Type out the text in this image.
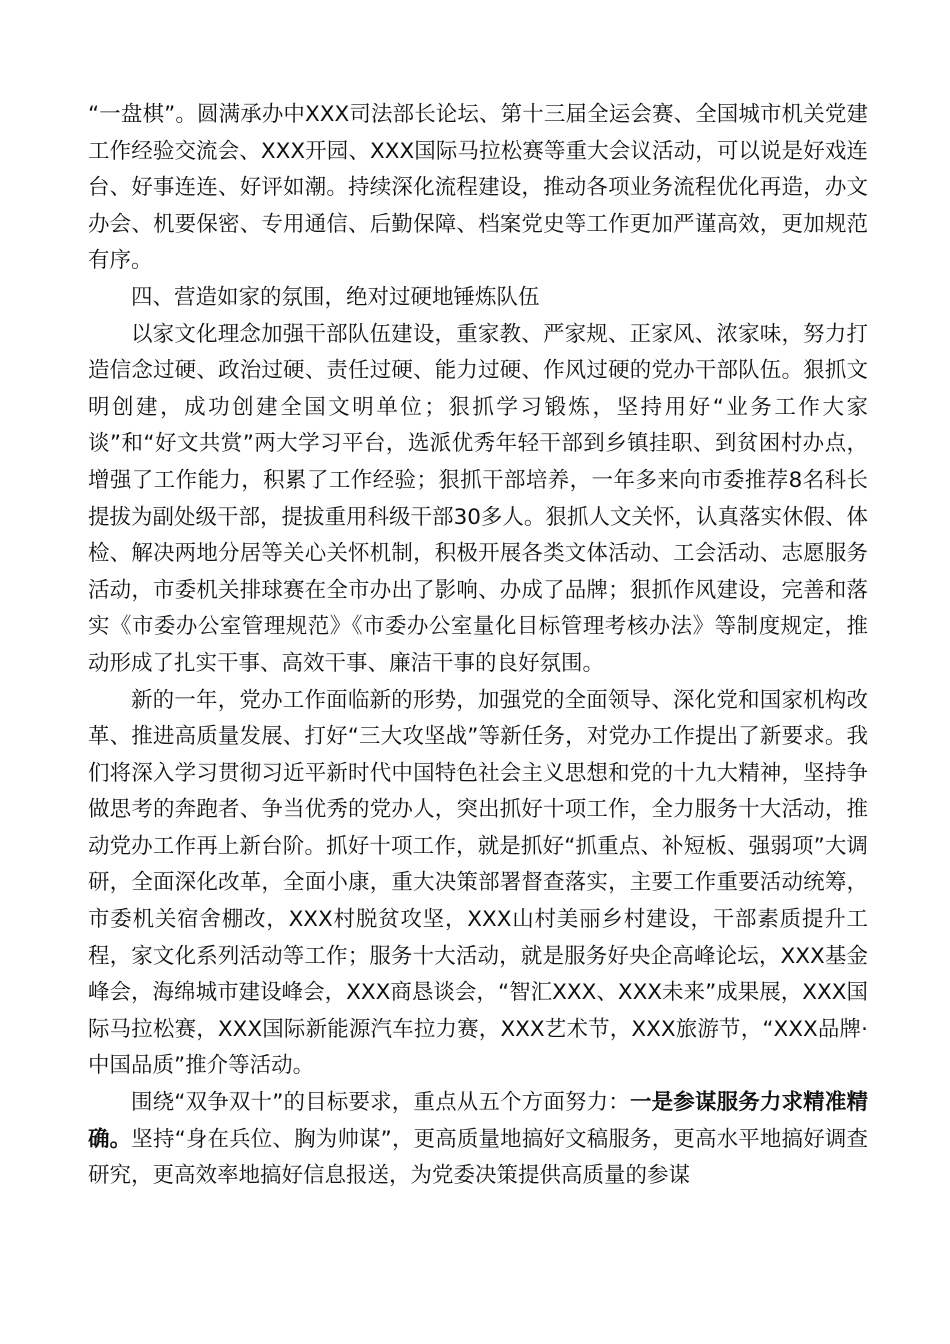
“一盘棋”。圆满承办中XXX司法部长论坛、第十三届全运会赛、全国城市机关党建工作经验交流会、XXX开园、XXX国际马拉松赛等重大会议活动，可以说是好戏连台、好事连连、好评如潮。持续深化流程建设，推动各项业务流程优化再造，办文办会、机要保密、专用通信、后勤保障、档案党史等工作更加严谨高效，更加规范有序。

四、营造如家的氛围，绝对过硬地锤炼队伍

以家文化理念加强干部队伍建设，重家教、严家规、正家风、浓家味，努力打造信念过硬、政治过硬、责任过硬、能力过硬、作风过硬的党办干部队伍。狠抓文明创建，成功创建全国文明单位；狠抓学习锻炼，坚持用好“业务工作大家谈”和“好文共赏”两大学习平台，选派优秀年轻干部到乡镇挂职、到贫困村办点，增强了工作能力，积累了工作经验；狠抓干部培养，一年多来向市委推荐8名科长提拔为副处级干部，提拔重用科级干部30多人。狠抓人文关怀，认真落实休假、体检、解决两地分居等关心关怀机制，积极开展各类文体活动、工会活动、志愿服务活动，市委机关排球赛在全市办出了影响、办成了品牌；狠抓作风建设，完善和落实《市委办公室管理规范》《市委办公室量化目标管理考核办法》等制度规定，推动形成了扎实干事、高效干事、廉洁干事的良好氛围。

新的一年，党办工作面临新的形势，加强党的全面领导、深化党和国家机构改革、推进高质量发展、打好“三大攻坚战”等新任务，对党办工作提出了新要求。我们将深入学习贯彻习近平新时代中国特色社会主义思想和党的十九大精神，坚持争做思考的奔跑者、争当优秀的党办人，突出抓好十项工作，全力服务十大活动，推动党办工作再上新台阶。抓好十项工作，就是抓好“抓重点、补短板、强弱项”大调研，全面深化改革，全面小康，重大决策部署督查落实，主要工作重要活动统筹，市委机关宿舍棚改，XXX村脱贫攻坚，XXX山村美丽乡村建设，干部素质提升工程，家文化系列活动等工作；服务十大活动，就是服务好央企高峰论坛，XXX基金峰会，海绵城市建设峰会，XXX商恳谈会，“智汇XXX、XXX未来”成果展，XXX国际马拉松赛，XXX国际新能源汽车拉力赛，XXX艺术节，XXX旅游节，“XXX品牌· 中国品质”推介等活动。

围绕“双争双十”的目标要求，重点从五个方面努力：一是参谋服务力求精准精确。坚持“身在兵位、胸为帅谋”，更高质量地搞好文稿服务，更高水平地搞好调查研究，更高效率地搞好信息报送，为党委决策提供高质量的参谋
